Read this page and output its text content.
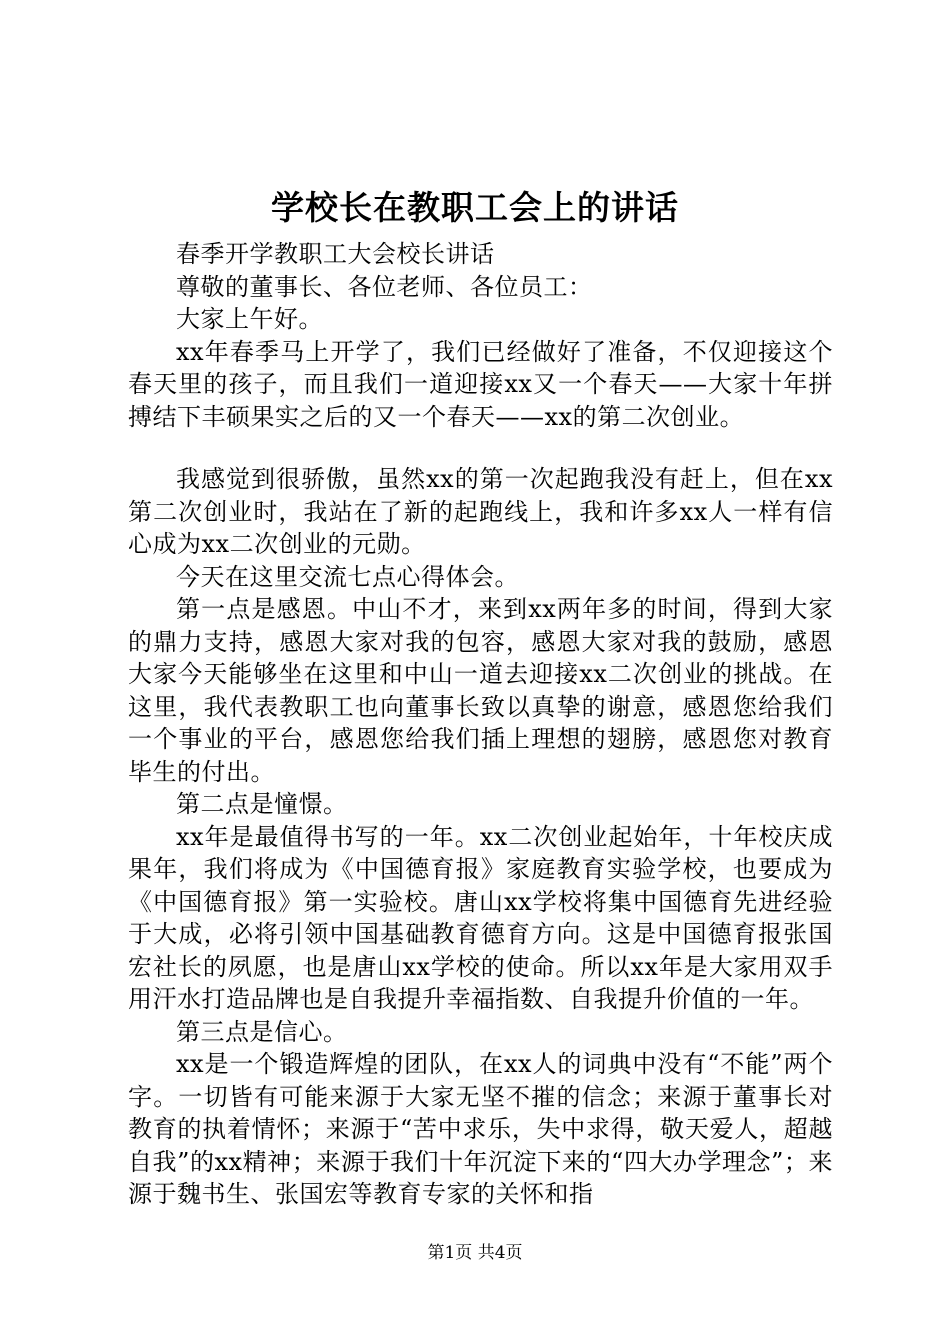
学校长在教职工会上的讲话

春季开学教职工大会校长讲话

尊敬的董事长、各位老师、各位员工：

大家上午好。

xx年春季马上开学了，我们已经做好了准备，不仅迎接这个春天里的孩子，而且我们一道迎接xx又一个春天——大家十年拼搏结下丰硕果实之后的又一个春天——xx的第二次创业。

我感觉到很骄傲，虽然xx的第一次起跑我没有赶上，但在xx第二次创业时，我站在了新的起跑线上，我和许多xx人一样有信心成为xx二次创业的元勋。

今天在这里交流七点心得体会。

第一点是感恩。中山不才，来到xx两年多的时间，得到大家的鼎力支持，感恩大家对我的包容，感恩大家对我的鼓励，感恩大家今天能够坐在这里和中山一道去迎接xx二次创业的挑战。在这里，我代表教职工也向董事长致以真挚的谢意，感恩您给我们一个事业的平台，感恩您给我们插上理想的翅膀，感恩您对教育毕生的付出。

第二点是憧憬。

xx年是最值得书写的一年。xx二次创业起始年，十年校庆成果年，我们将成为《中国德育报》家庭教育实验学校，也要成为《中国德育报》第一实验校。唐山xx学校将集中国德育先进经验于大成，必将引领中国基础教育德育方向。这是中国德育报张国宏社长的夙愿，也是唐山xx学校的使命。所以xx年是大家用双手用汗水打造品牌也是自我提升幸福指数、自我提升价值的一年。

第三点是信心。

xx是一个锻造辉煌的团队，在xx人的词典中没有“不能”两个字。一切皆有可能来源于大家无坚不摧的信念；来源于董事长对教育的执着情怀；来源于“苦中求乐，失中求得，敬天爱人，超越自我”的xx精神；来源于我们十年沉淀下来的“四大办学理念”；来源于魏书生、张国宏等教育专家的关怀和指

第1页 共4页
